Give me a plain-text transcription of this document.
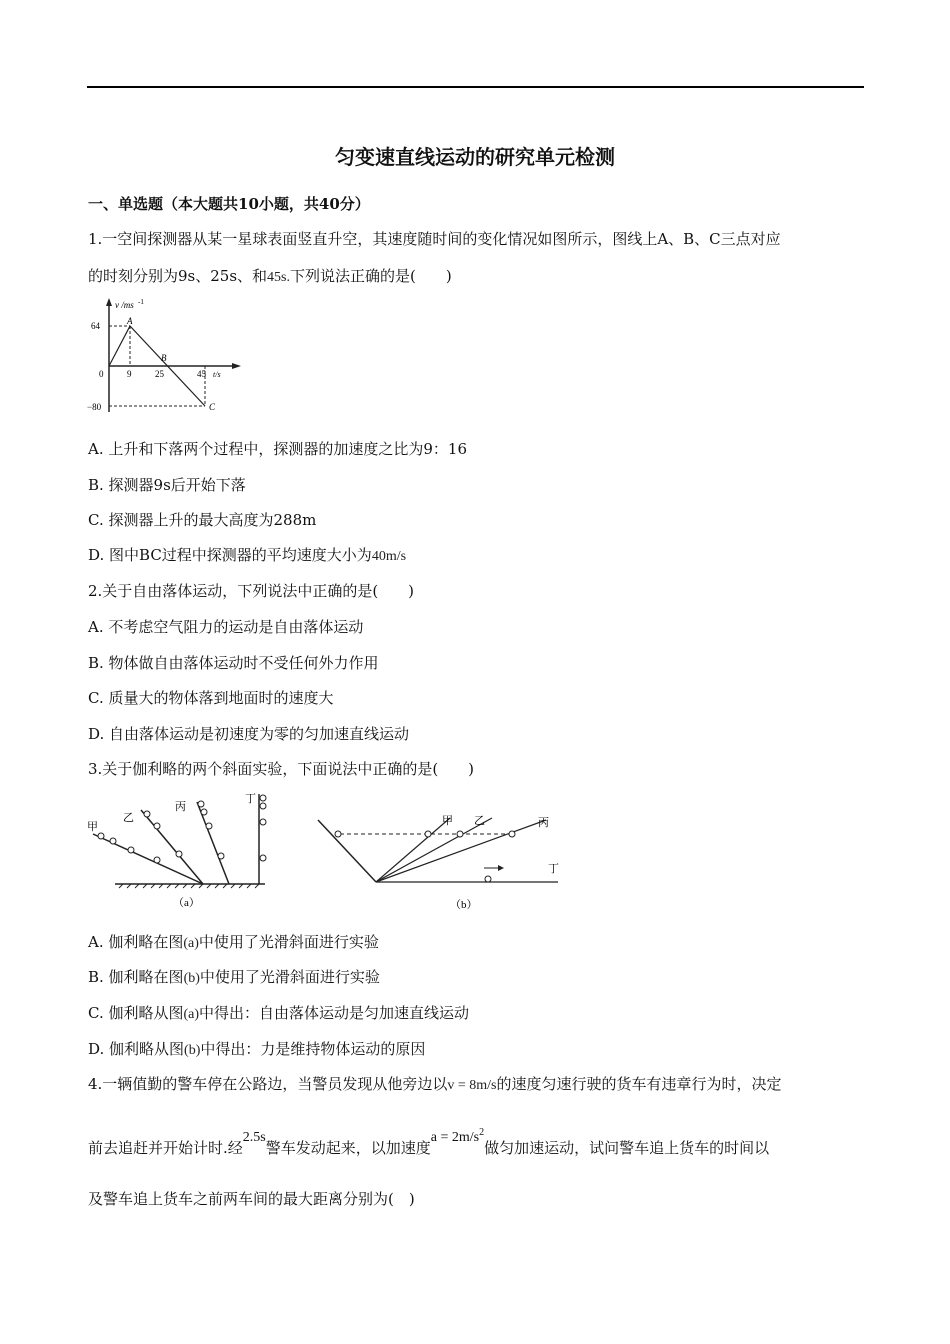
匀变速直线运动的研究单元检测
一、单选题（本大题共10小题，共40分）
1.一空间探测器从某一星球表面竖直升空，其速度随时间的变化情况如图所示，图线上A、B、C三点对应
的时刻分别为9s、25s、和45s.下列说法正确的是(　　)
v /ms -1
64
0
−80
9	25	45 t/s
A
B
C
A. 上升和下落两个过程中，探测器的加速度之比为9：16
B. 探测器9s后开始下落
C. 探测器上升的最大高度为288m
D. 图中BC过程中探测器的平均速度大小为40m/s
2.关于自由落体运动，下列说法中正确的是(　　)
A. 不考虑空气阻力的运动是自由落体运动
B. 物体做自由落体运动时不受任何外力作用
C. 质量大的物体落到地面时的速度大
D. 自由落体运动是初速度为零的匀加速直线运动
3.关于伽利略的两个斜面实验，下面说法中正确的是(　　)
甲
乙
丙
丁
（a）
甲 乙	丙
丁
（b）
A. 伽利略在图(a)中使用了光滑斜面进行实验
B. 伽利略在图(b)中使用了光滑斜面进行实验
C. 伽利略从图(a)中得出：自由落体运动是匀加速直线运动
D. 伽利略从图(b)中得出：力是维持物体运动的原因
4.一辆值勤的警车停在公路边，当警员发现从他旁边以v = 8m/s的速度匀速行驶的货车有违章行为时，决定
前去追赶并开始计时.经2.5s警车发动起来，以加速度$a = 2m/s^2$做匀加速运动，试问警车追上货车的时间以
及警车追上货车之前两车间的最大距离分别为(　)
